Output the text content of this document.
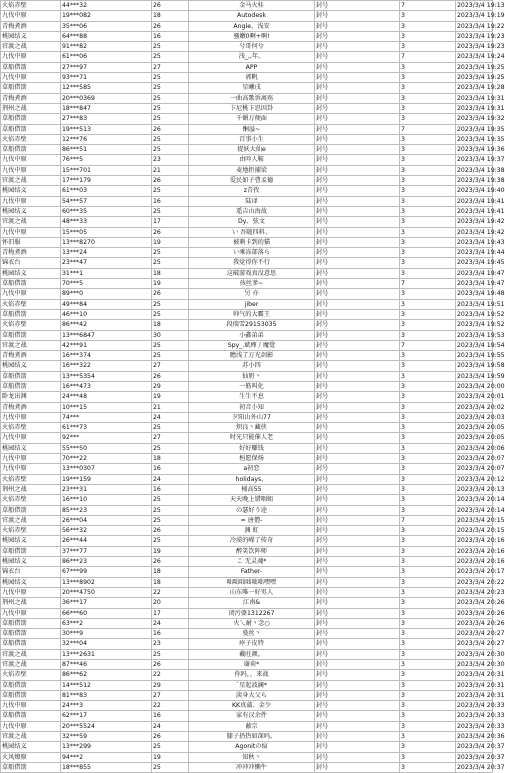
火焰赤壁	44***32	26	金马火桂	封号	7	2023/3/4 19:13
九伐中原	19***082	18	Autodesk	封号	3	2023/3/4 19:19
青梅煮酒	35***06	26	Angle、浅安	封号	3	2023/3/4 19:22
桃园结义	64***88	16	骚嫩0啊+啊!	封号	3	2023/3/4 19:23
官渡之战	91***82	25	兮哥何兮	封号	3	2023/3/4 19:23
九伐中原	61***06	25	浅_,,年。	封号	7	2023/3/4 19:24
草船借箭	27***97	27	APP	封号	3	2023/3/4 19:25
九伐中原	93***71	25	郭帆	封号	3	2023/3/4 19:25
草船借箭	12***585	25	星曦戌	封号	3	2023/3/4 19:28
青梅煮酒	20***0369	25	一曲高歌诉离殇	封号	3	2023/3/4 19:31
荆州之战	18***847	25	卞尼桃卞思因卦	封号	3	2023/3/4 19:31
草船借箭	27***83	25	千媚万便面	封号	3	2023/3/4 19:32
草船借箭	19***513	26	酮溢~	封号	7	2023/3/4 19:35
火焰赤壁	12***76	25	百事小生	封号	3	2023/3/4 19:35
草船借箭	86***51	25	捉妖大仙e	封号	3	2023/3/4 19:36
九伐中原	76***5	23	由吟人鞍	封号	3	2023/3/4 19:37
九伐中原	15***701	21	麦地拒捕梁	封号	3	2023/3/4 19:38
官渡之战	17***179	26	爱民如子曹孟德	封号	3	2023/3/4 19:38
桃园结义	61***03	25	z青孜	封号	3	2023/3/4 19:40
九伐中原	54***57	16	陆译	封号	3	2023/3/4 19:41
桃园结义	60***35	25	遥吉山海故	封号	3	2023/3/4 19:41
官渡之战	48***33	17	Dy、弦文	封号	3	2023/3/4 19:42
九伐中原	15***05	26	い 吾随四料、	封号	3	2023/3/4 19:42
怀旧服	13***8270	19	被剩卡到的猫	封号	3	2023/3/4 19:43
青梅煮酒	13***24	25	い乘冻部落ら	封号	3	2023/3/4 19:44
锦衣台	23***47	25	我觉得你不行	封号	3	2023/3/4 19:45
桃园结义	31***1	18	这破游戏真没意思	封号	3	2023/3/4 19:47
草船借箭	70***5	19	孩丝爹~	封号	7	2023/3/4 19:47
九伐中原	89***0	26	另 亦	封号	3	2023/3/4 19:48
火焰赤壁	49***84	25	jiber	封号	3	2023/3/4 19:51
草船借箭	46***10	25	帅气的大霸王	封号	3	2023/3/4 19:52
火焰赤壁	86***42	18	段瑞雪29153035	封号	3	2023/3/4 19:52
草船借箭	13***6847	30	小鑫弟弟	封号	3	2023/3/4 19:53
官渡之战	42***91	25	Spy_.斌瘅丿魔覺	封号	7	2023/3/4 19:54
青梅煮酒	16***374	25	瞻浅了万光剑影	封号	3	2023/3/4 19:55
桃园结义	16***322	27	苏小四	封号	3	2023/3/4 19:58
草船借箭	13***5354	26	仙奶丶	封号	3	2023/3/4 19:59
草船借箭	16***473	29	一筋叫化	封号	3	2023/3/4 20:00
卧龙出渊	24***48	19	生生不息	封号	3	2023/3/4 20:01
青梅煮酒	10***15	21	初音小知	封号	3	2023/3/4 20:02
九伐中原	74***	24	夕阳山外山77	封号	3	2023/3/4 20:03
火焰赤壁	61***73	25	炽良丶藏侠	封号	3	2023/3/4 20:05
九伐中原	92***	27	时光只能催人老	封号	3	2023/3/4 20:05
桃园结义	55***50	25	好好赚钱	封号	3	2023/3/4 20:06
九伐中原	70***22	18	桓愿保炀	封号	3	2023/3/4 20:07
九伐中原	13***0307	16	a初恋	封号	3	2023/3/4 20:07
火焰赤壁	19***159	24	holidays、	封号	3	2023/3/4 20:12
荆州之战	23***31	16	桶高55	封号	3	2023/3/4 20:13
火焰赤壁	16***10	25	天天晚上错咽蛆	封号	3	2023/3/4 20:14
草船借箭	85***23	25	の瑟好う途	封号	3	2023/3/4 20:14
官渡之战	26***04	25	≈ 唐僧-	封号	7	2023/3/4 20:15
火焰赤壁	56***32	26	渊 虹	封号	3	2023/3/4 20:15
桃园结义	26***44	25	冷漠的嵘了传奇	封号	3	2023/3/4 20:16
草船借箭	37***77	19	醉笑饮阵师	封号	3	2023/3/4 20:16
桃园结义	86***23	26	こ 无灵魂*	封号	3	2023/3/4 20:16
锦衣台	67***99	18	Father-	封号	3	2023/3/4 20:17
桃园结义	13***8902	18	咄咄咄咄咄咄嘿嘿	封号	3	2023/3/4 20:22
九伐中原	20***4750	22	山东唯一好男人	封号	3	2023/3/4 20:23
荆州之战	36***17	20	江南&	封号	3	2023/3/4 20:26
九伐中原	66***60	17	闭污婆1312267	封号	3	2023/3/4 20:26
草船借箭	63***2	24	火乀耐丶念○	封号	3	2023/3/4 20:26
草船借箭	30***9	16	曼丝丶	封号	3	2023/3/4 20:27
草船借箭	32***04	23	瘁子皮特	封号	3	2023/3/4 20:27
官渡之战	13***2631	25	戴旺颜。	封号	3	2023/3/4 20:30
官渡之战	87***46	26	谢荷*	封号	3	2023/3/4 20:30
火焰赤壁	86***62	22	你吗，，来战	封号	3	2023/3/4 20:31
草船借箭	14***512	29	`星起波澜*	封号	3	2023/3/4 20:31
草船借箭	81***83	27	淡身大父ら	封号	3	2023/3/4 20:31
九伐中原	24***3	22	KK真蒲、金少	封号	3	2023/3/4 20:33
草船借箭	62***17	16	家有汉余件	封号	3	2023/3/4 20:33
九伐中原	20***5524	24	蔽宗	封号	3	2023/3/4 20:33
官渡之战	32***59	26	膝子扔热如深吗。	封号	3	2023/3/4 20:36
桃园结义	13***299	25	Agonitの痕	封号	3	2023/3/4 20:37
火凤燎原	94***2	19	知秋丶	封号	3	2023/3/4 20:37
草船借箭	18***855	25	冲冲冲懒牛	封号	3	2023/3/4 20:37
